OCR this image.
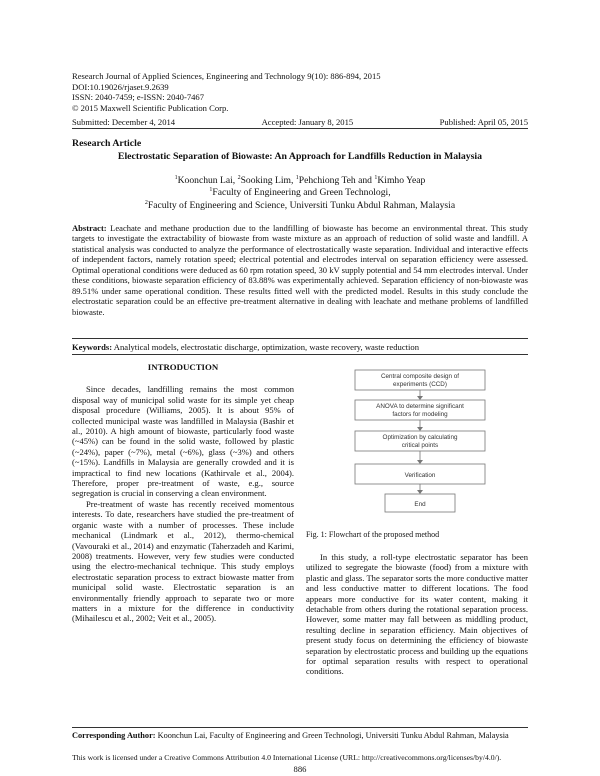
Research Journal of Applied Sciences, Engineering and Technology 9(10): 886-894, 2015
DOI:10.19026/rjaset.9.2639
ISSN: 2040-7459; e-ISSN: 2040-7467
© 2015 Maxwell Scientific Publication Corp.
Submitted: December 4, 2014	Accepted: January 8, 2015	Published: April 05, 2015
Research Article
Electrostatic Separation of Biowaste: An Approach for Landfills Reduction in Malaysia
$^1$Koonchun Lai, $^2$Sooking Lim, $^1$Pehchiong Teh and $^1$Kimho Yeap
$^1$Faculty of Engineering and Green Technologi,
$^2$Faculty of Engineering and Science, Universiti Tunku Abdul Rahman, Malaysia

Abstract: Leachate and methane production due to the landfilling of biowaste has become an environmental threat. This study targets to investigate the extractability of biowaste from waste mixture as an approach of reduction of solid waste and landfill. A statistical analysis was conducted to analyze the performance of electrostatically waste separation. Individual and interactive effects of independent factors, namely rotation speed; electrical potential and electrodes interval on separation efficiency were assessed. Optimal operational conditions were deduced as 60 rpm rotation speed, 30 kV supply potential and 54 mm electrodes interval. Under these conditions, biowaste separation efficiency of 83.88% was experimentally achieved. Separation efficiency of non-biowaste was 89.51% under same operational condition. These results fitted well with the predicted model. Results in this study conclude the electrostatic separation could be an effective pre-treatment alternative in dealing with leachate and methane problems of landfilled biowaste.

Keywords: Analytical models, electrostatic discharge, optimization, waste recovery, waste reduction
INTRODUCTION

Since decades, landfilling remains the most common disposal way of municipal solid waste for its simple yet cheap disposal procedure (Williams, 2005). It is about 95% of collected municipal waste was landfilled in Malaysia (Bashir et al., 2010). A high amount of biowaste, particularly food waste (~45%) can be found in the solid waste, followed by plastic (~24%), paper (~7%), metal (~6%), glass (~3%) and others (~15%). Landfills in Malaysia are generally crowded and it is impractical to find new locations (Kathirvale et al., 2004). Therefore, proper pre-treatment of waste, e.g., source segregation is crucial in conserving a clean environment.

Pre-treatment of waste has recently received momentous interests. To date, researchers have studied the pre-treatment of organic waste with a number of processes. These include mechanical (Lindmark et al., 2012), thermo-chemical (Vavouraki et al., 2014) and enzymatic (Taherzadeh and Karimi, 2008) treatments. However, very few studies were conducted using the electro-mechanical technique. This study employs electrostatic separation process to extract biowaste matter from municipal solid waste. Electrostatic separation is an environmentally friendly approach to separate two or more matters in a mixture for the difference in conductivity (Mihailescu et al., 2002; Veit et al., 2005).

Central composite design of
experiments (CCD)
ANOVA to determine significant
factors for modeling
Optimization by calculating
critical points
Verification
End
Fig. 1: Flowchart of the proposed method

In this study, a roll-type electrostatic separator has been utilized to segregate the biowaste (food) from a mixture with plastic and glass. The separator sorts the more conductive matter and less conductive matter to different locations. The food appears more conductive for its water content, making it detachable from others during the rotational separation process. However, some matter may fall between as middling product, resulting decline in separation efficiency. Main objectives of present study focus on determining the efficiency of biowaste separation by electrostatic process and building up the equations for optimal separation results with respect to operational conditions.

Corresponding Author: Koonchun Lai, Faculty of Engineering and Green Technologi, Universiti Tunku Abdul Rahman, Malaysia
This work is licensed under a Creative Commons Attribution 4.0 International License (URL: http://creativecommons.org/licenses/by/4.0/).
886
